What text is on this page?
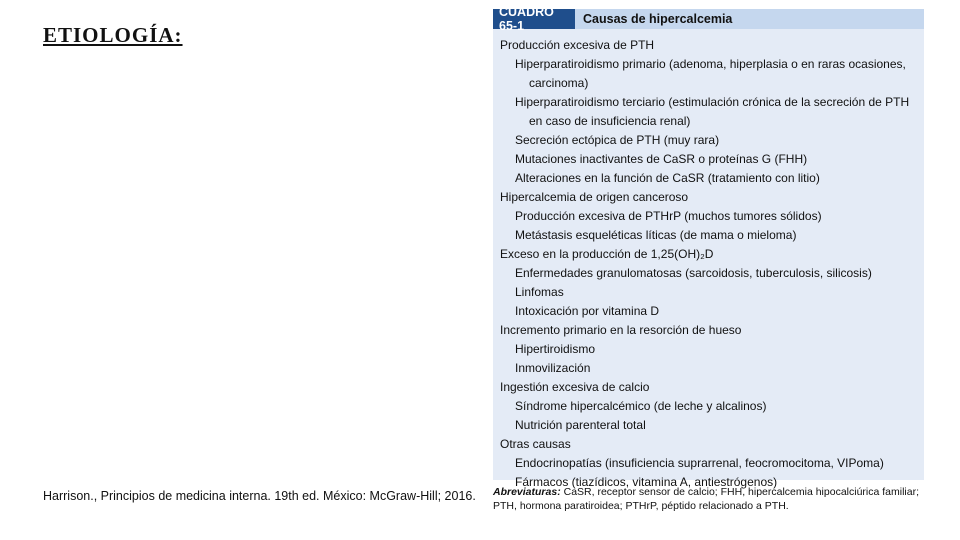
ETIOLOGÍA:
CUADRO 65-1	Causas de hipercalcemia
Producción excesiva de PTH
Hiperparatiroidismo primario (adenoma, hiperplasia o en raras ocasiones,
carcinoma)
Hiperparatiroidismo terciario (estimulación crónica de la secreción de PTH
en caso de insuficiencia renal)
Secreción ectópica de PTH (muy rara)
Mutaciones inactivantes de CaSR o proteínas G (FHH)
Alteraciones en la función de CaSR (tratamiento con litio)
Hipercalcemia de origen canceroso
Producción excesiva de PTHrP (muchos tumores sólidos)
Metástasis esqueléticas líticas (de mama o mieloma)
Exceso en la producción de 1,25(OH)₂D
Enfermedades granulomatosas (sarcoidosis, tuberculosis, silicosis)
Linfomas
Intoxicación por vitamina D
Incremento primario en la resorción de hueso
Hipertiroidismo
Inmovilización
Ingestión excesiva de calcio
Síndrome hipercalcémico (de leche y alcalinos)
Nutrición parenteral total
Otras causas
Endocrinopatías (insuficiencia suprarrenal, feocromocitoma, VIPoma)
Fármacos (tiazídicos, vitamina A, antiestrógenos)
Abreviaturas: CaSR, receptor sensor de calcio; FHH, hipercalcemia hipocalciúrica familiar; PTH, hormona paratiroidea; PTHrP, péptido relacionado a PTH.
Harrison., Principios de medicina interna. 19th ed. México: McGraw-Hill; 2016.
